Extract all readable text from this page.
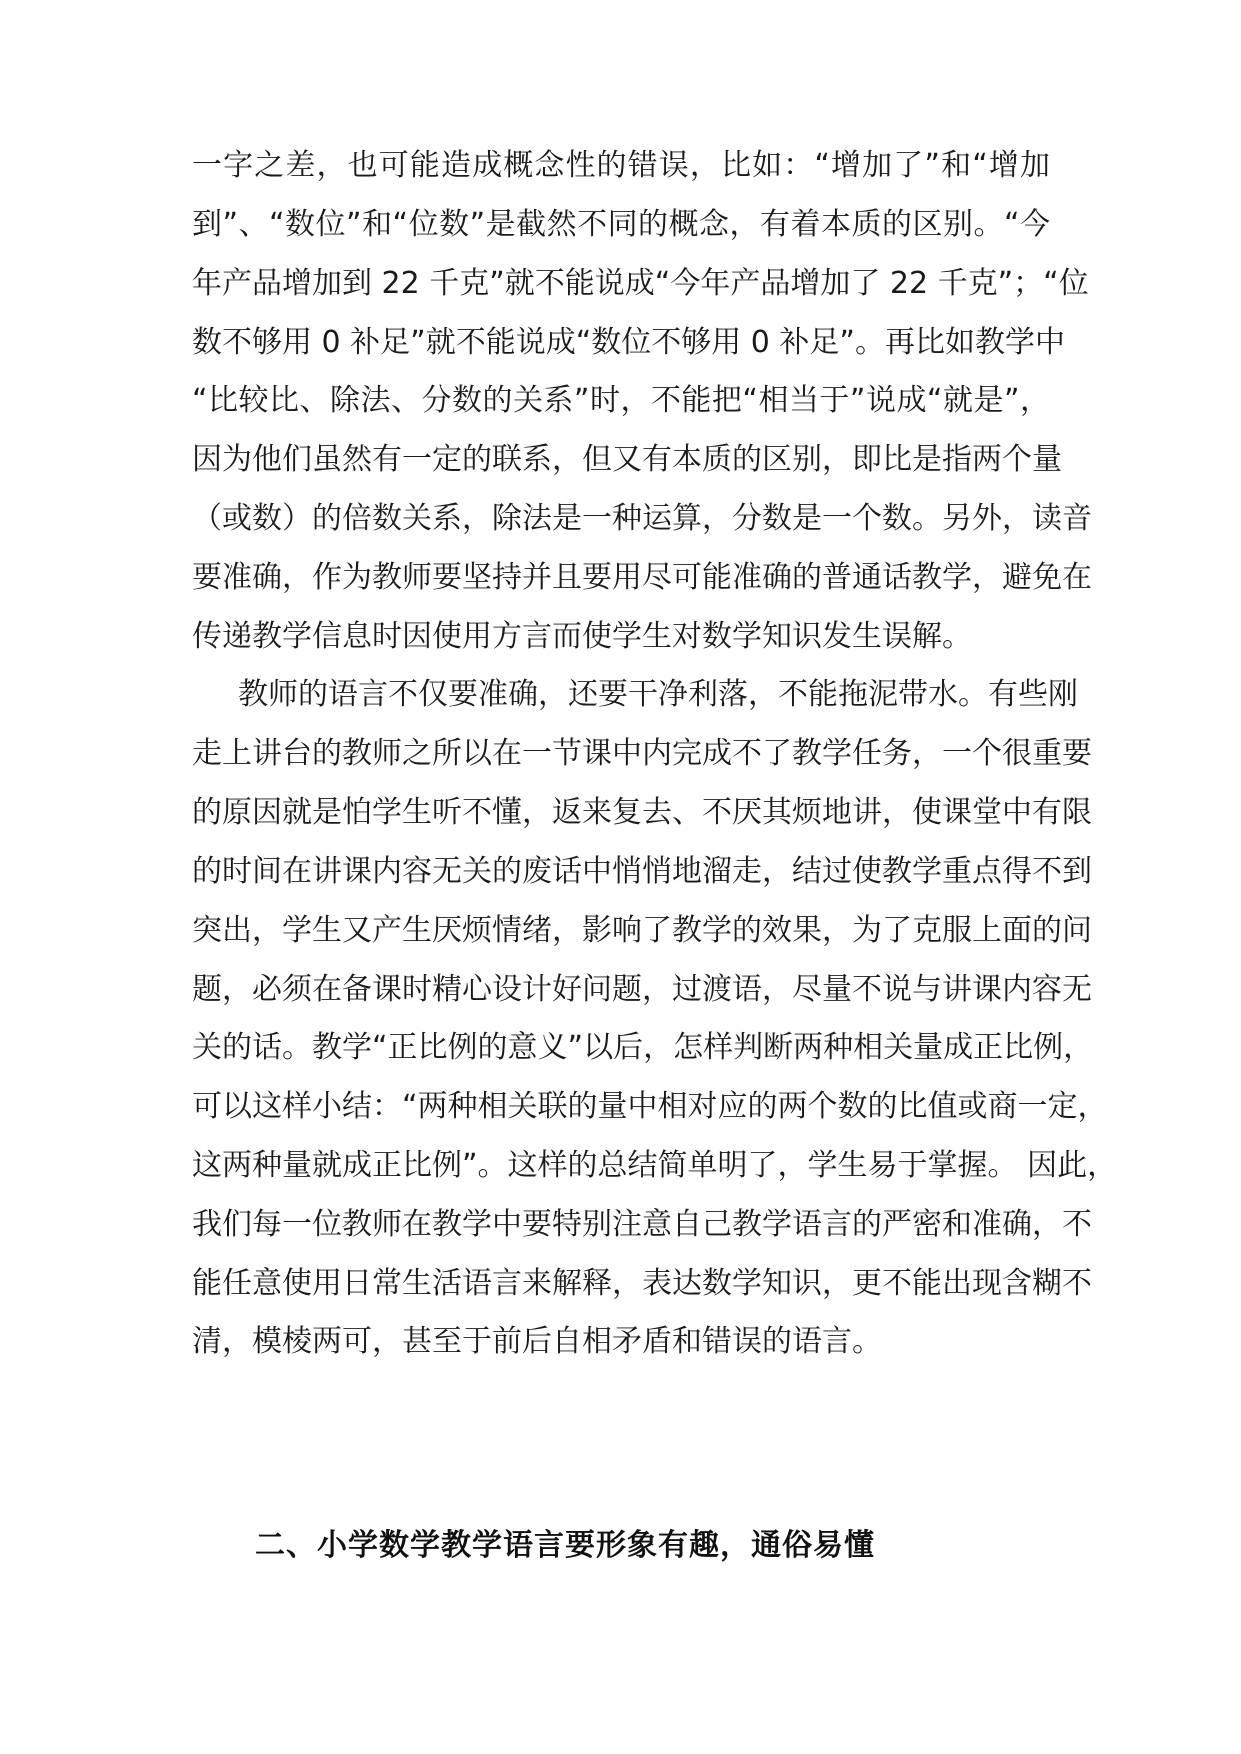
一字之差，也可能造成概念性的错误，比如：“增加了”和“增加
到”、“数位”和“位数”是截然不同的概念，有着本质的区别。“今
年产品增加到 22 千克”就不能说成“今年产品增加了 22 千克”；“位
数不够用 0 补足”就不能说成“数位不够用 0 补足”。再比如教学中
“比较比、除法、分数的关系”时，不能把“相当于”说成“就是”，
因为他们虽然有一定的联系，但又有本质的区别，即比是指两个量
（或数）的倍数关系，除法是一种运算，分数是一个数。另外，读音
要准确，作为教师要坚持并且要用尽可能准确的普通话教学，避免在
传递教学信息时因使用方言而使学生对数学知识发生误解。
教师的语言不仅要准确，还要干净利落，不能拖泥带水。有些刚
走上讲台的教师之所以在一节课中内完成不了教学任务，一个很重要
的原因就是怕学生听不懂，返来复去、不厌其烦地讲，使课堂中有限
的时间在讲课内容无关的废话中悄悄地溜走，结过使教学重点得不到
突出，学生又产生厌烦情绪，影响了教学的效果，为了克服上面的问
题，必须在备课时精心设计好问题，过渡语，尽量不说与讲课内容无
关的话。教学“正比例的意义”以后，怎样判断两种相关量成正比例，
可以这样小结：“两种相关联的量中相对应的两个数的比值或商一定，
这两种量就成正比例”。这样的总结简单明了，学生易于掌握。 因此，
我们每一位教师在教学中要特别注意自己教学语言的严密和准确，不
能任意使用日常生活语言来解释，表达数学知识，更不能出现含糊不
清，模棱两可，甚至于前后自相矛盾和错误的语言。
二、小学数学教学语言要形象有趣，通俗易懂
